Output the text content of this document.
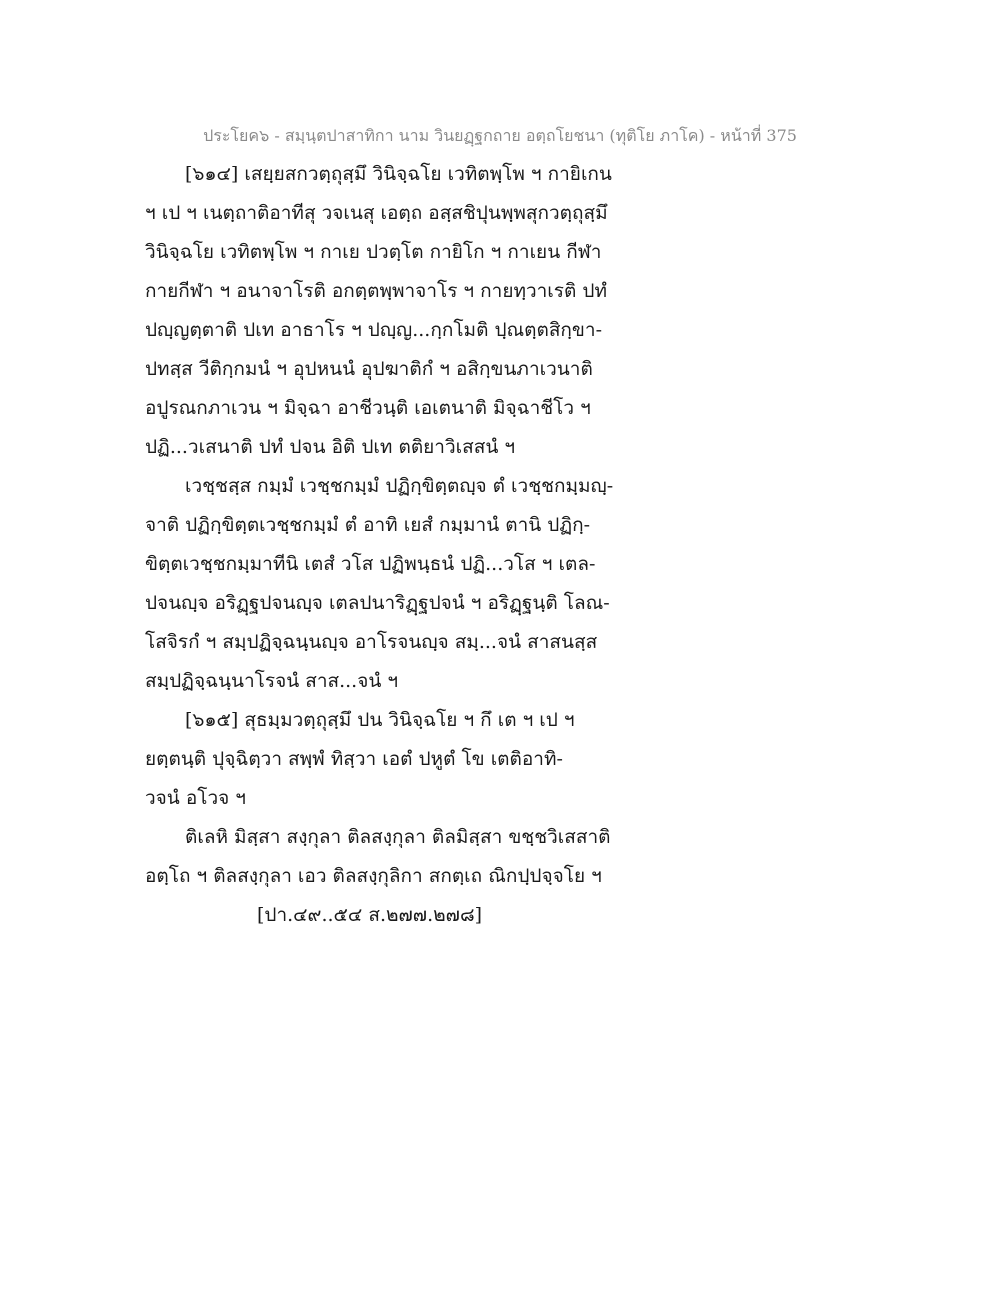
ประโยค๖ - สมฺนฺตปาสาทิกา นาม วินยฏฺฐกถาย อตฺถโยชนา (ทุติโย ภาโค) - หน้าที่ 375
[๖๑๔] เสยฺยสกวตฺถุสฺมึ วินิจฺฉโย เวทิตพฺโพ ฯ กายิเกน
ฯ เป ฯ เนตฺถาติอาทีสุ วจเนสุ เอตฺถ อสฺสชิปุนพฺพสุกวตฺถุสฺมึ
วินิจฺฉโย เวทิตพฺโพ ฯ กาเย ปวตฺโต กายิโก ฯ กาเยน กีฬา
กายกีฬา ฯ อนาจาโรติ อกตฺตพฺพาจาโร ฯ กายทฺวาเรติ ปทํ
ปญฺญตฺตาติ ปเท อาธาโร ฯ ปญฺญ...กฺกโมติ ปฺณตฺตสิกฺขา-
ปทสฺส วีติกฺกมนํ ฯ อุปหนนํ อุปฆาติกํ ฯ อสิกฺขนภาเวนาติ
อปูรณกภาเวน ฯ มิจฺฉา อาชีวนฺติ เอเตนาติ มิจฺฉาชีโว ฯ
ปฏิ...วเสนาติ ปทํ ปจน อิติ ปเท ตติยาวิเสสนํ ฯ
เวชฺชสฺส กมฺมํ เวชฺชกมฺมํ ปฏิกฺขิตฺตญฺจ ตํ เวชฺชกมฺมญฺ-
จาติ ปฏิกฺขิตฺตเวชฺชกมฺมํ ตํ อาทิ เยสํ กมฺมานํ ตานิ ปฏิกฺ-
ขิตฺตเวชฺชกมฺมาทีนิ เตสํ วโส ปฏิพนฺธนํ ปฏิ...วโส ฯ เตล-
ปจนญฺจ อริฏฺฐปจนญฺจ เตลปนาริฏฺฐปจนํ ฯ อริฏฺฐนฺติ โลณ-
โสจิรกํ ฯ สมฺปฏิจฺฉนฺนญฺจ อาโรจนญฺจ สมฺ...จนํ สาสนสฺส
สมฺปฏิจฺฉนฺนาโรจนํ สาส...จนํ ฯ
[๖๑๕] สุธมฺมวตฺถุสฺมึ ปน วินิจฺฉโย ฯ กึ เต ฯ เป ฯ
ยตฺตนฺติ ปุจฺฉิตฺวา สพฺพํ ทิสฺวา เอตํ ปหูตํ โข เตติอาทิ-
วจนํ อโวจ ฯ
ติเลหิ มิสฺสา สงฺกุลา ติลสงฺกุลา ติลมิสฺสา ขชฺชวิเสสาติ
อตฺโถ ฯ ติลสงฺกุลา เอว ติลสงฺกุลิกา สกตฺเถ ณิกปฺปจฺจโย ฯ
[ปา.๔๙..๕๔ ส.๒๗๗.๒๗๘]
